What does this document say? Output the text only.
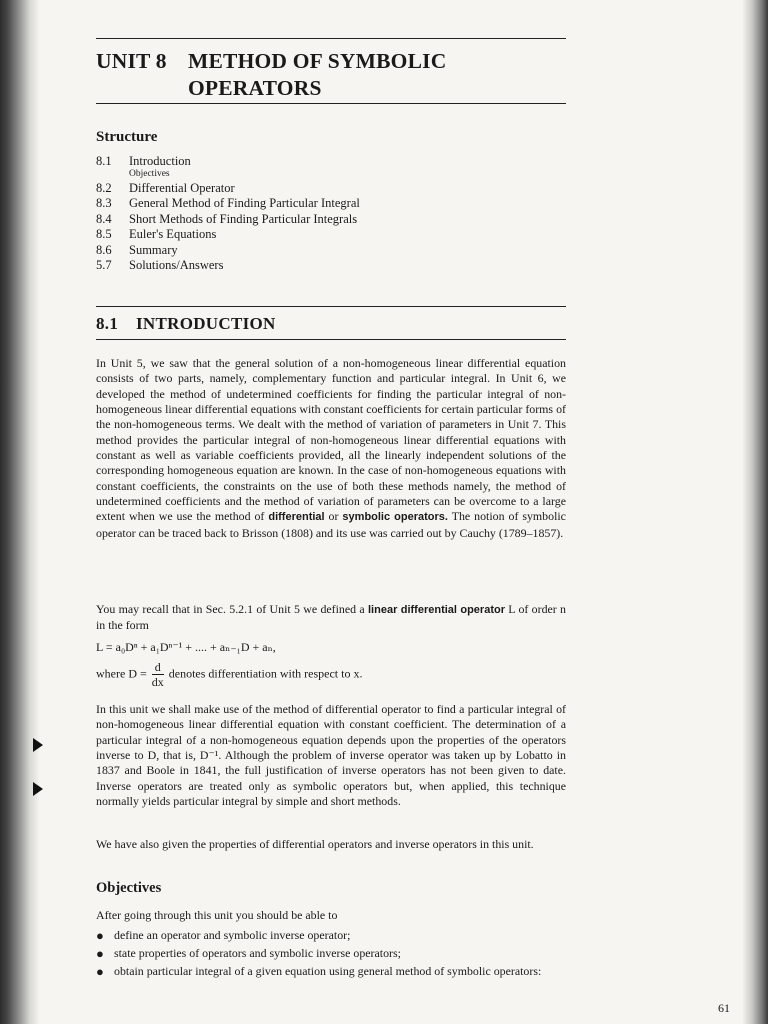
UNIT 8 METHOD OF SYMBOLIC
OPERATORS
Structure
8.1	Introduction
Objectives
8.2	Differential Operator
8.3	General Method of Finding Particular Integral
8.4	Short Methods of Finding Particular Integrals
8.5	Euler's Equations
8.6	Summary
5.7	Solutions/Answers
8.1 INTRODUCTION
In Unit 5, we saw that the general solution of a non-homogeneous linear differential equation consists of two parts, namely, complementary function and particular integral. In Unit 6, we developed the method of undetermined coefficients for finding the particular integral of non-homogeneous linear differential equations with constant coefficients for certain particular forms of the non-homogeneous terms. We dealt with the method of variation of parameters in Unit 7. This method provides the particular integral of non-homogeneous linear differential equations with constant as well as variable coefficients provided, all the linearly independent solutions of the corresponding homogeneous equation are known. In the case of non-homogeneous equations with constant coefficients, the constraints on the use of both these methods namely, the method of undetermined coefficients and the method of variation of parameters can be overcome to a large extent when we use the method of differential or symbolic operators. The notion of symbolic operator can be traced back to Brisson (1808) and its use was carried out by Cauchy (1789–1857).
You may recall that in Sec. 5.2.1 of Unit 5 we defined a linear differential operator L of order n in the form
L = a₀Dⁿ + a₁Dⁿ⁻¹ + .... + aₙ₋₁D + aₙ,
where $D = \frac{d}{dx}$ denotes differentiation with respect to x.
In this unit we shall make use of the method of differential operator to find a particular integral of non-homogeneous linear differential equation with constant coefficient. The determination of a particular integral of a non-homogeneous equation depends upon the properties of the operators inverse to D, that is, D⁻¹. Although the problem of inverse operator was taken up by Lobatto in 1837 and Boole in 1841, the full justification of inverse operators has not been given to date. Inverse operators are treated only as symbolic operators but, when applied, this technique normally yields particular integral by simple and short methods.
We have also given the properties of differential operators and inverse operators in this unit.
Objectives
After going through this unit you should be able to
● define an operator and symbolic inverse operator;
● state properties of operators and symbolic inverse operators;
● obtain particular integral of a given equation using general method of symbolic operators:
61
